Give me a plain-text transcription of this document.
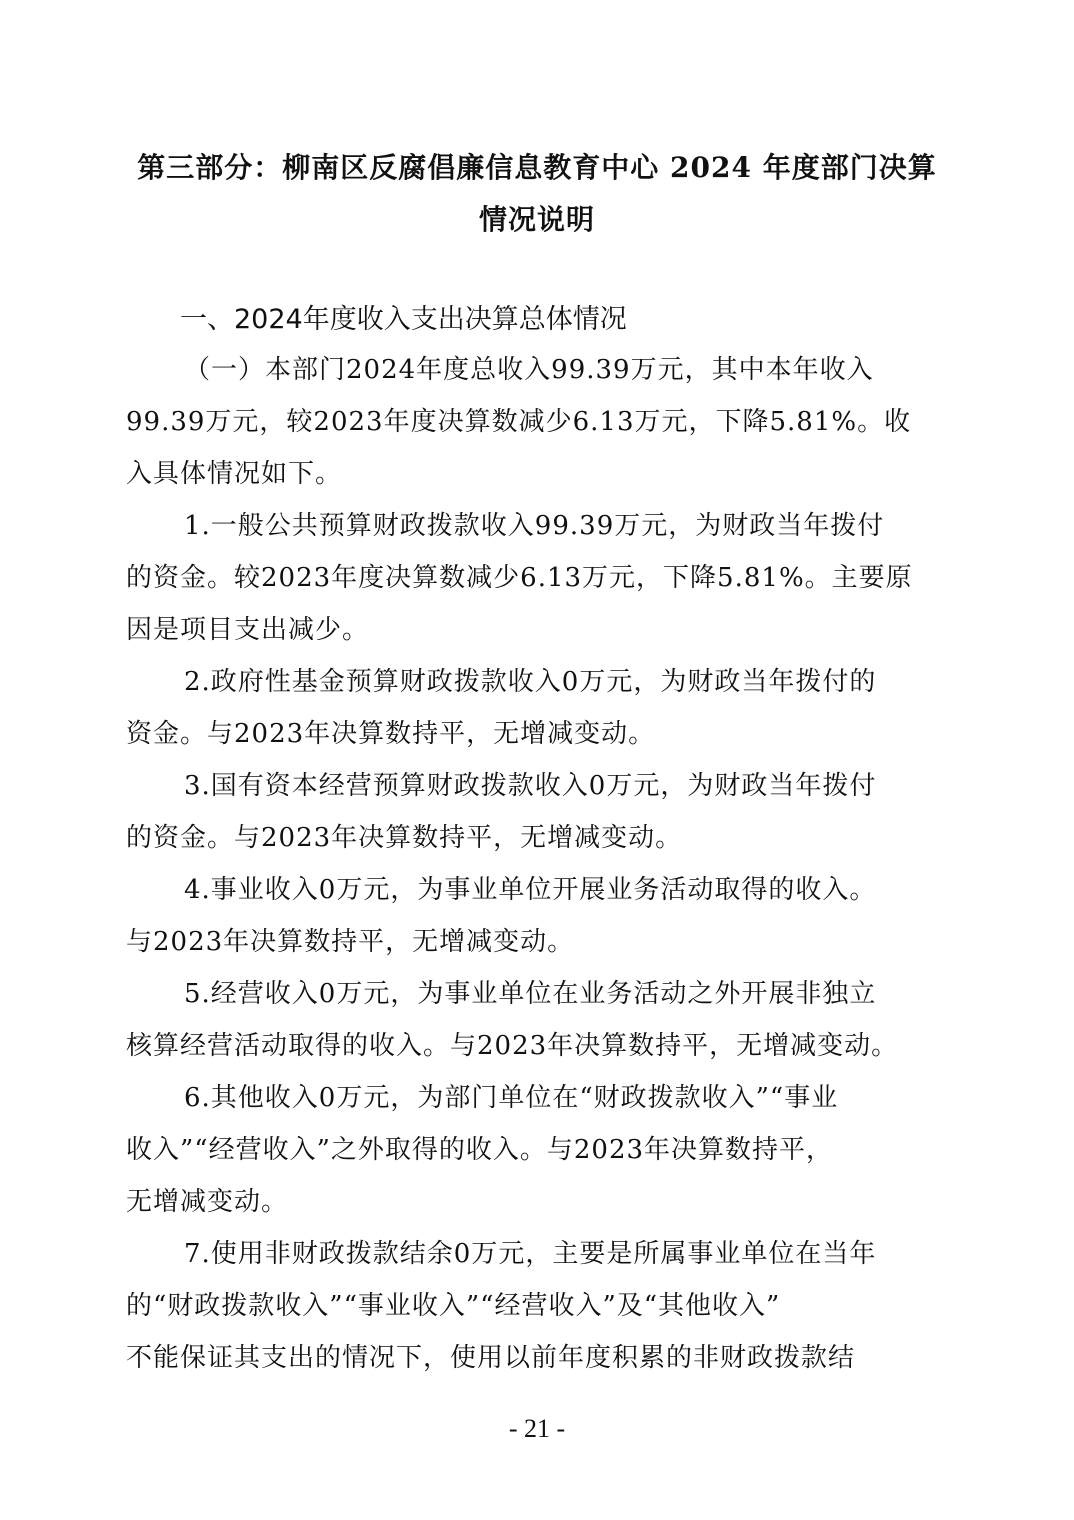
第三部分：柳南区反腐倡廉信息教育中心 2024 年度部门决算
情况说明
一、2024年度收入支出决算总体情况

（一）本部门2024年度总收入99.39万元，其中本年收入
99.39万元，较2023年度决算数减少6.13万元，下降5.81%。收
入具体情况如下。

1.一般公共预算财政拨款收入99.39万元，为财政当年拨付
的资金。较2023年度决算数减少6.13万元，下降5.81%。主要原
因是项目支出减少。

2.政府性基金预算财政拨款收入0万元，为财政当年拨付的
资金。与2023年决算数持平，无增减变动。

3.国有资本经营预算财政拨款收入0万元，为财政当年拨付
的资金。与2023年决算数持平，无增减变动。

4.事业收入0万元，为事业单位开展业务活动取得的收入。
与2023年决算数持平，无增减变动。

5.经营收入0万元，为事业单位在业务活动之外开展非独立
核算经营活动取得的收入。与2023年决算数持平，无增减变动。

6.其他收入0万元，为部门单位在“财政拨款收入”“事业
收入”“经营收入”之外取得的收入。与2023年决算数持平，
无增减变动。

7.使用非财政拨款结余0万元，主要是所属事业单位在当年
的“财政拨款收入”“事业收入”“经营收入”及“其他收入”
不能保证其支出的情况下，使用以前年度积累的非财政拨款结

- 21 -
